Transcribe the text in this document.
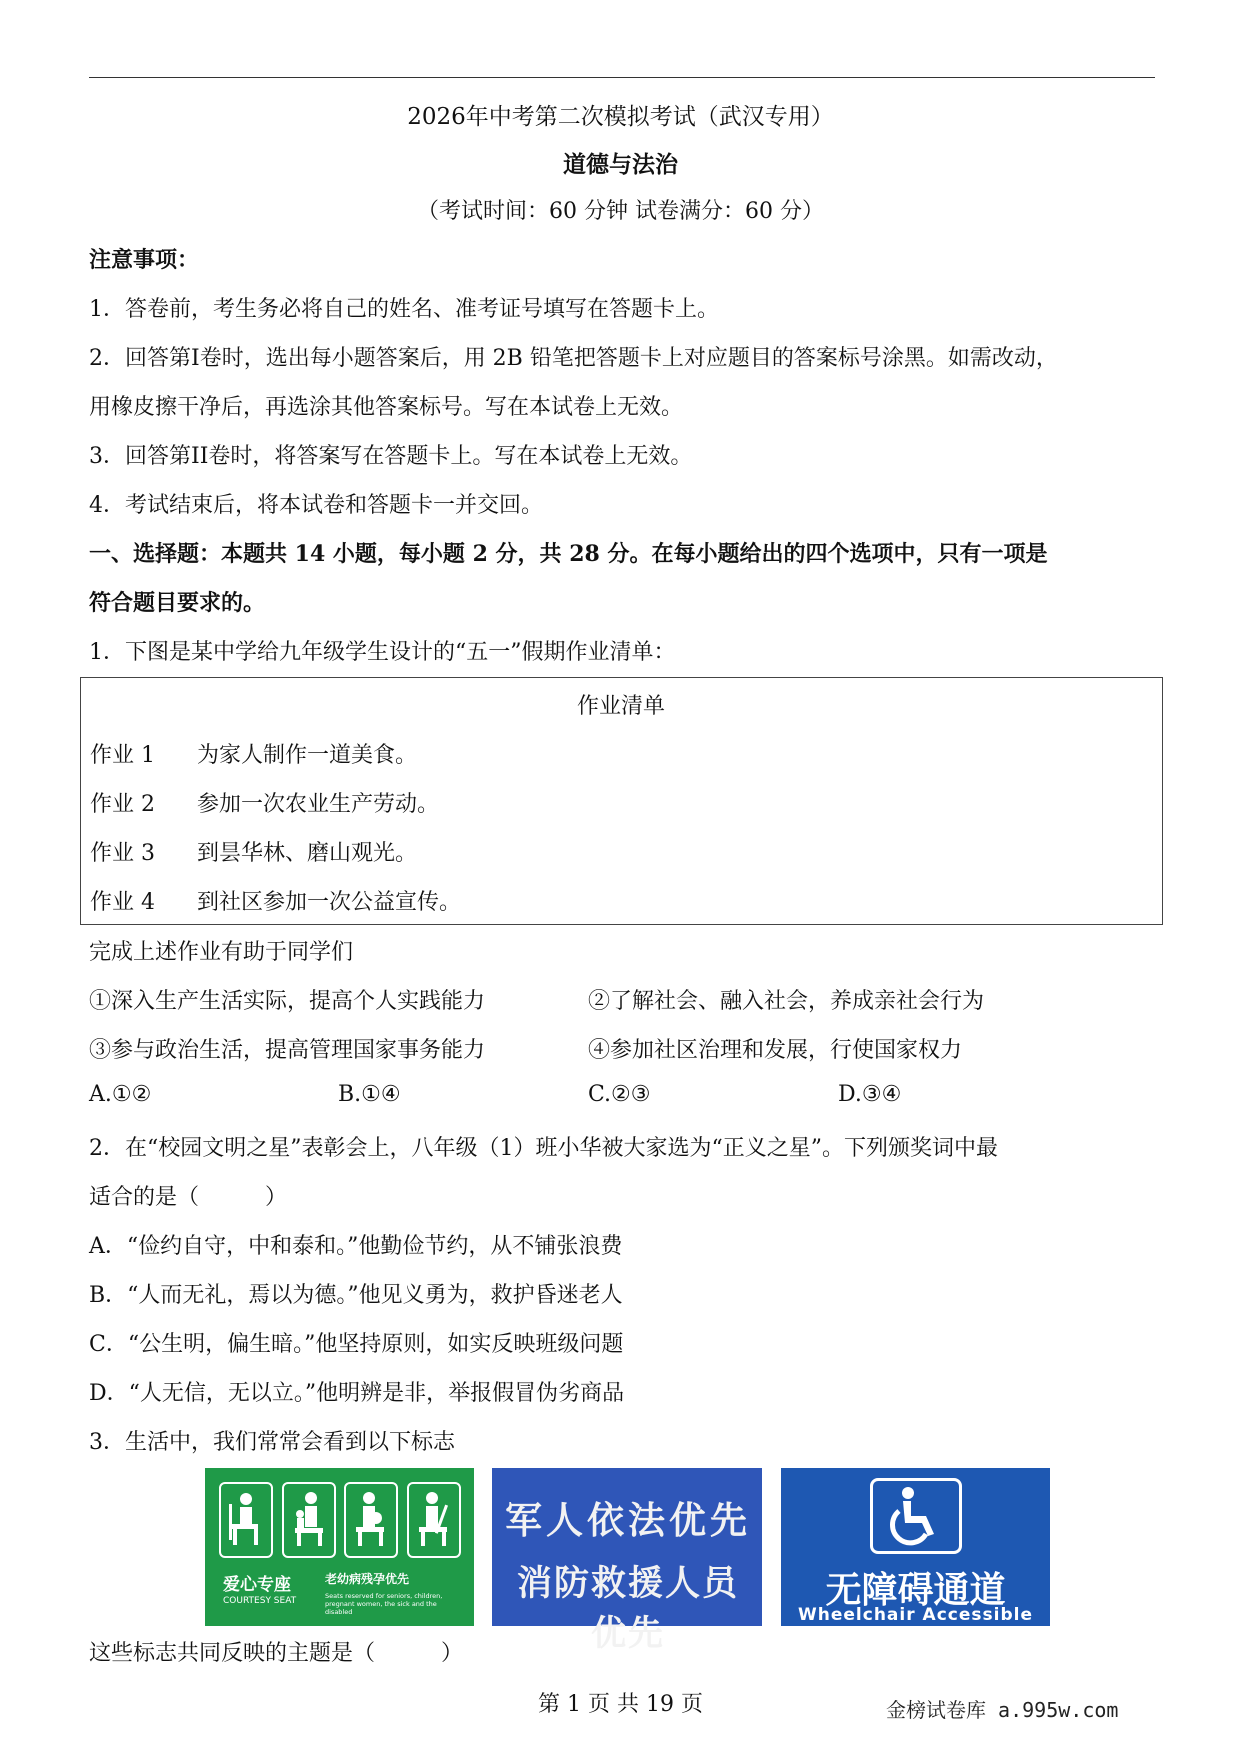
2026年中考第二次模拟考试（武汉专用）
道德与法治
（考试时间：60 分钟 试卷满分：60 分）
注意事项：
1．答卷前，考生务必将自己的姓名、准考证号填写在答题卡上。
2．回答第I卷时，选出每小题答案后，用 2B 铅笔把答题卡上对应题目的答案标号涂黑。如需改动，
用橡皮擦干净后，再选涂其他答案标号。写在本试卷上无效。
3．回答第II卷时，将答案写在答题卡上。写在本试卷上无效。
4．考试结束后，将本试卷和答题卡一并交回。
一、选择题：本题共 14 小题，每小题 2 分，共 28 分。在每小题给出的四个选项中，只有一项是
符合题目要求的。
1．下图是某中学给九年级学生设计的“五一”假期作业清单：
作业清单
作业 1 为家人制作一道美食。
作业 2 参加一次农业生产劳动。
作业 3 到昙华林、磨山观光。
作业 4 到社区参加一次公益宣传。
完成上述作业有助于同学们
①深入生产生活实际，提高个人实践能力	②了解社会、融入社会，养成亲社会行为
③参与政治生活，提高管理国家事务能力	④参加社区治理和发展，行使国家权力
A.①②	B.①④	C.②③	D.③④
2．在“校园文明之星”表彰会上，八年级（1）班小华被大家选为“正义之星”。下列颁奖词中最
适合的是（　　　）
A．“俭约自守，中和泰和。”他勤俭节约，从不铺张浪费
B．“人而无礼，焉以为德。”他见义勇为，救护昏迷老人
C．“公生明，偏生暗。”他坚持原则，如实反映班级问题
D．“人无信，无以立。”他明辨是非，举报假冒伪劣商品
3．生活中，我们常常会看到以下标志
爱心专座
COURTESY SEAT
老幼病残孕优先
Seats reserved for seniors, children, pregnant women, the sick and the disabled
军人依法优先
消防救援人员优先
无障碍通道
Wheelchair Accessible
这些标志共同反映的主题是（　　　）
第 1 页 共 19 页	金榜试卷库 a.995w.com
